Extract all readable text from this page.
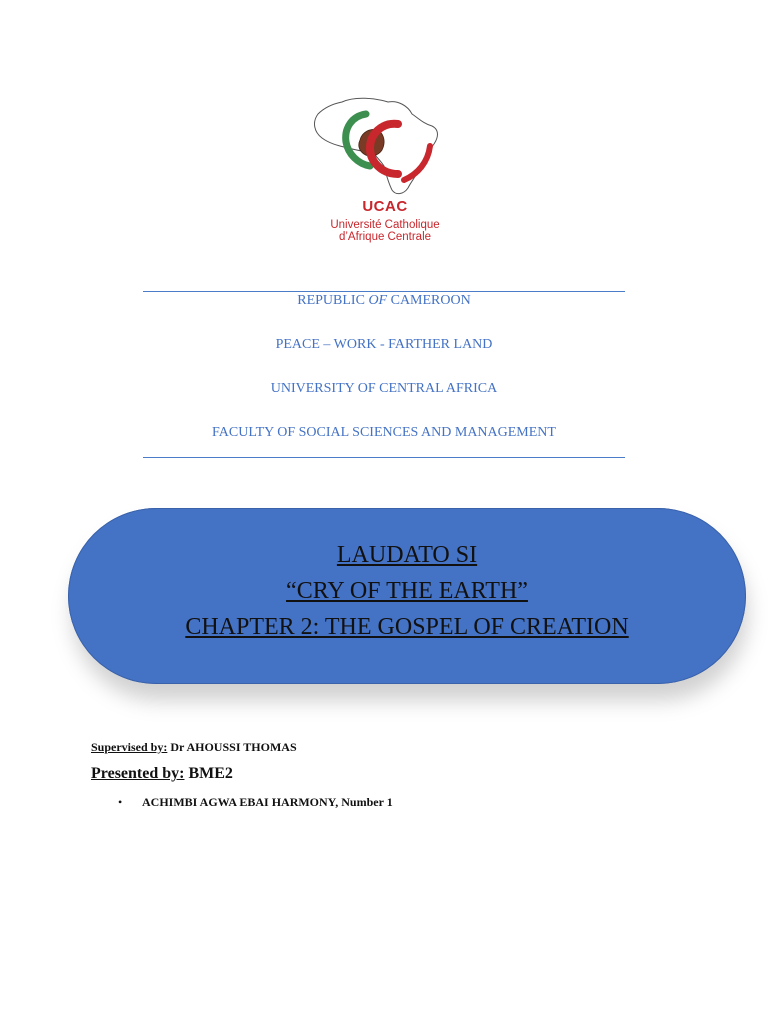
UCAC
Université Catholique
d’Afrique Centrale
REPUBLIC OF CAMEROON
PEACE – WORK - FARTHER LAND
UNIVERSITY OF CENTRAL AFRICA
FACULTY OF SOCIAL SCIENCES AND MANAGEMENT
LAUDATO SI
“CRY OF THE EARTH”
CHAPTER 2: THE GOSPEL OF CREATION
Supervised by: Dr AHOUSSI THOMAS
Presented by: BME2
• ACHIMBI AGWA EBAI HARMONY, Number 1
